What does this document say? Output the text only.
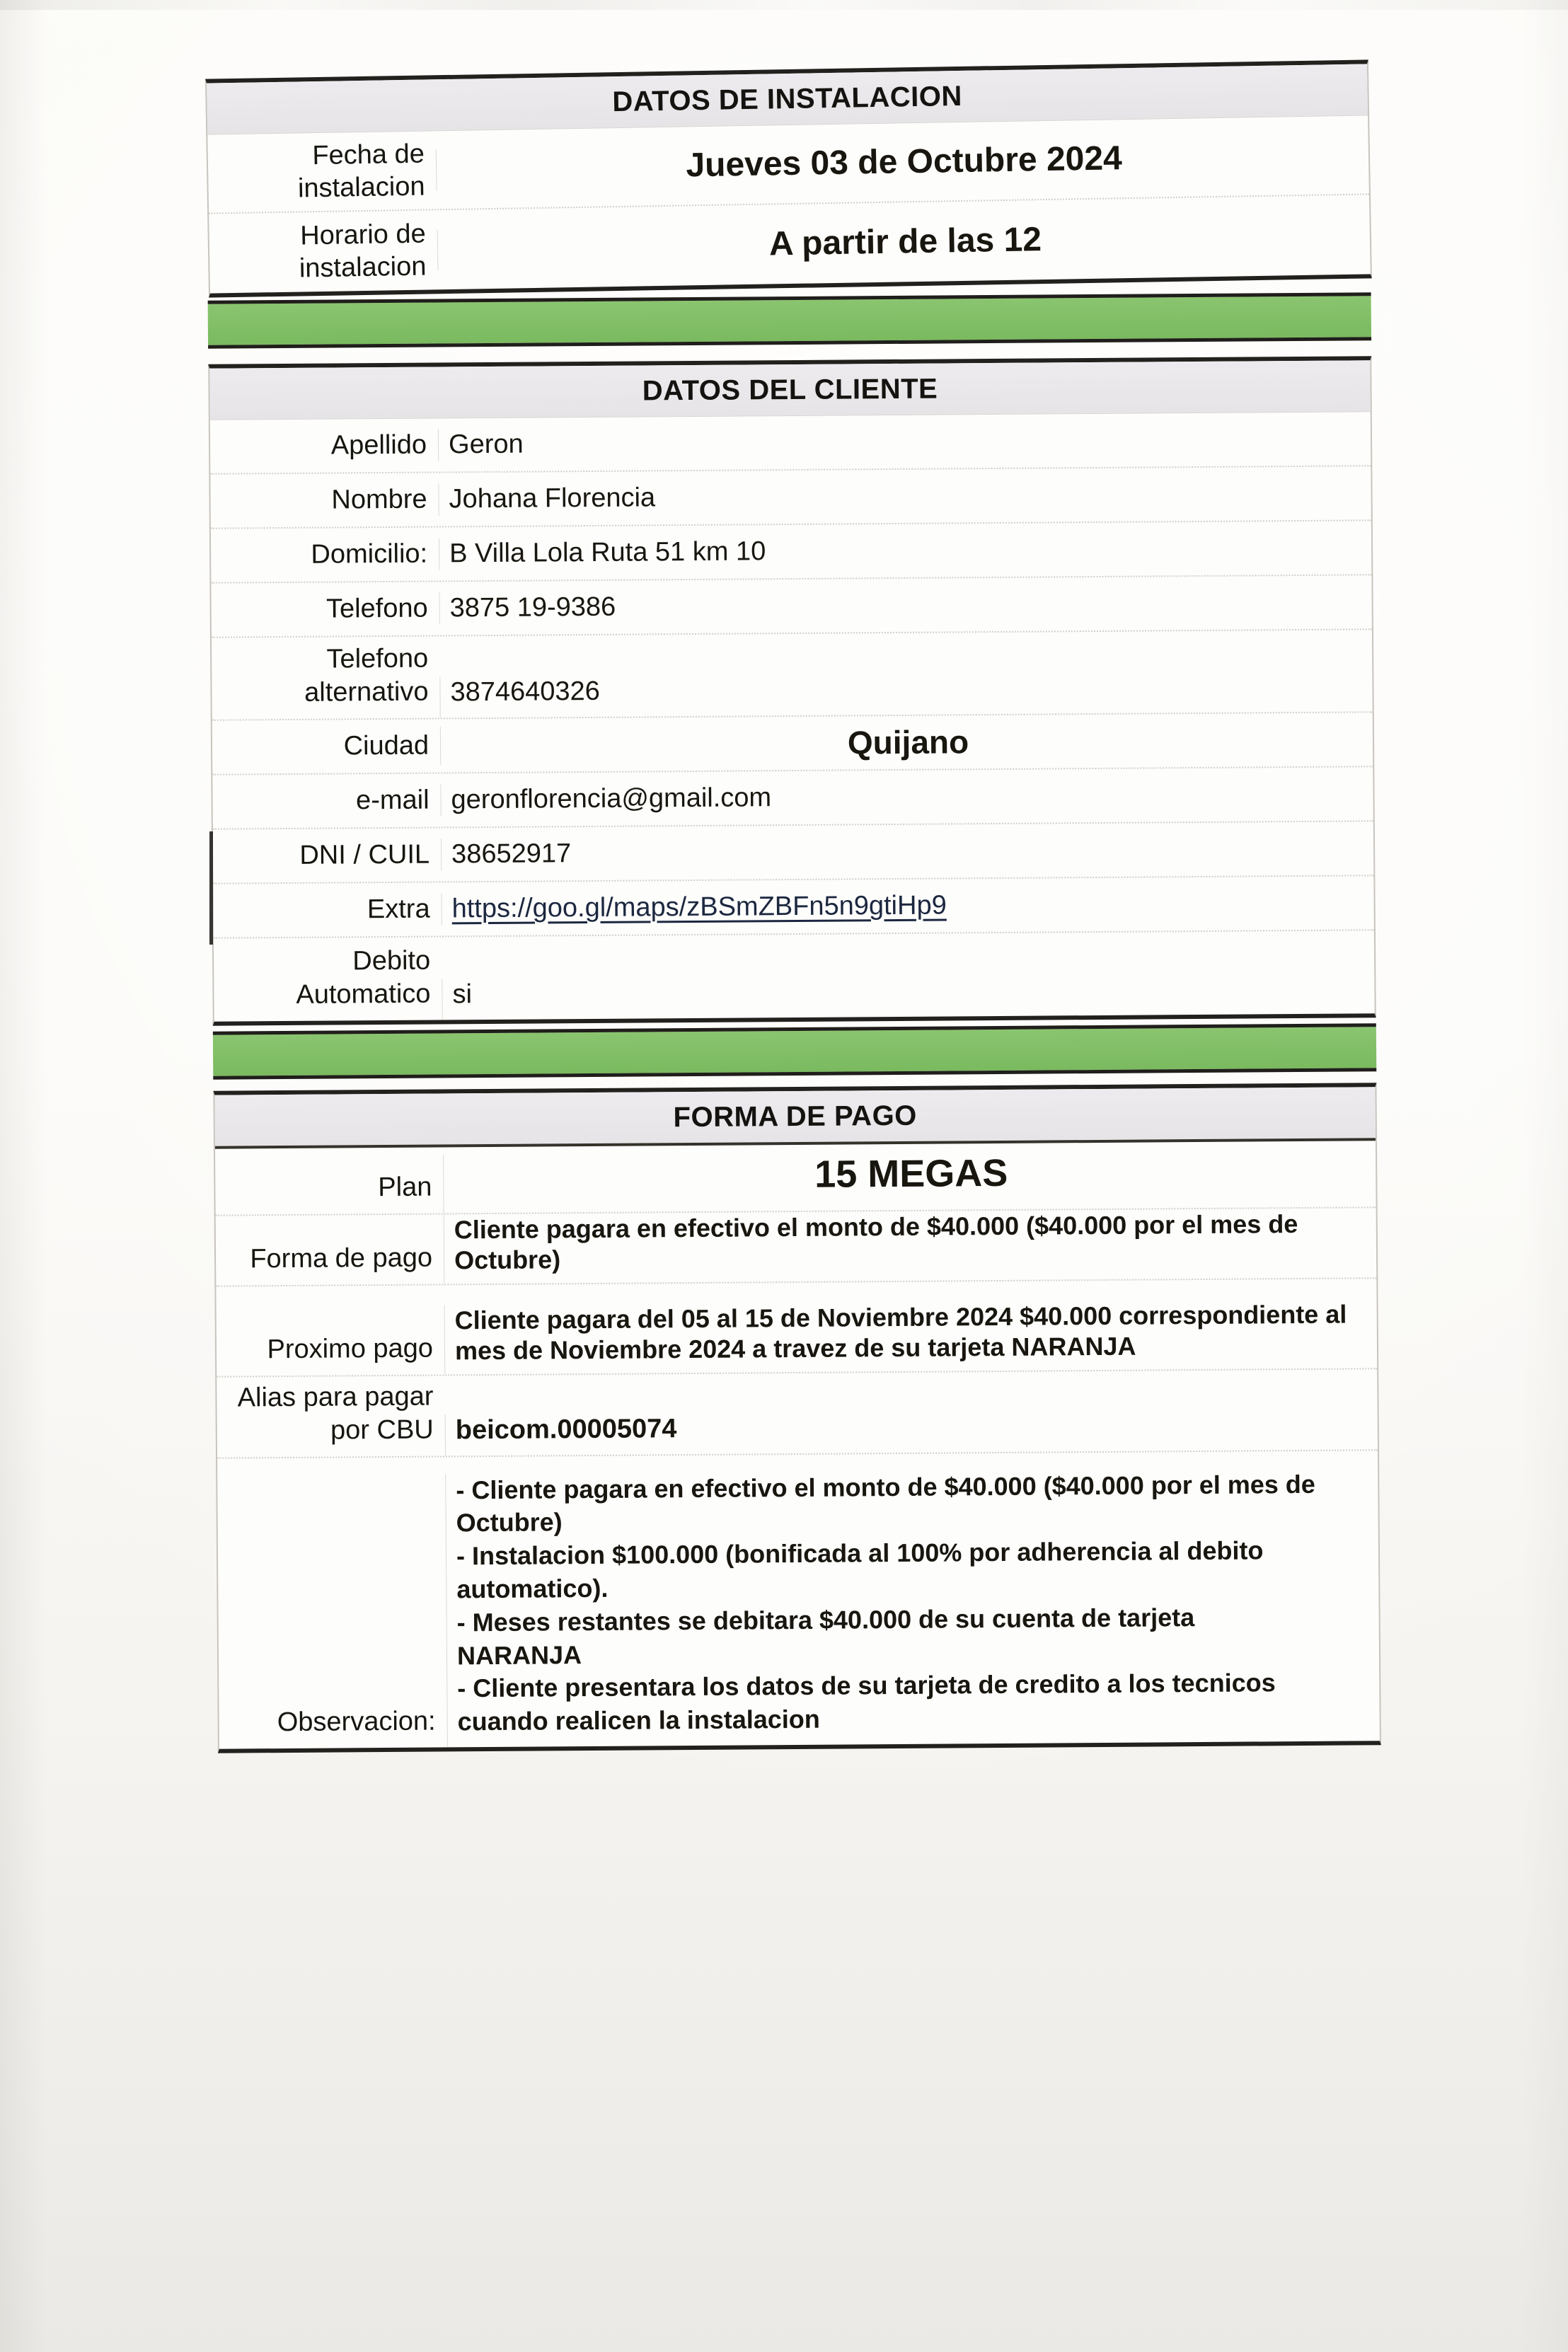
DATOS DE INSTALACION
Fecha de instalacion
Jueves 03 de Octubre 2024
Horario de instalacion
A partir de las 12
DATOS DEL CLIENTE
Apellido Geron
Nombre Johana Florencia
Domicilio: B Villa Lola Ruta 51 km 10
Telefono 3875 19-9386
Telefono alternativo 3874640326
Ciudad	Quijano
e-mail geronflorencia@gmail.com
DNI / CUIL 38652917
Extra https://goo.gl/maps/zBSmZBFn5n9gtiHp9
Debito Automatico si
FORMA DE PAGO
Plan	15 MEGAS
Forma de pago
Cliente pagara en efectivo el monto de $40.000 ($40.000 por el mes de
Octubre)
Proximo pago
Cliente pagara del 05 al 15 de Noviembre 2024 $40.000 correspondiente al
mes de Noviembre 2024 a travez de su tarjeta NARANJA
Alias para pagar por CBU beicom.00005074
Observacion:
- Cliente pagara en efectivo el monto de $40.000 ($40.000 por el mes de
Octubre)
- Instalacion $100.000 (bonificada al 100% por adherencia al debito
automatico).
- Meses restantes se debitara $40.000 de su cuenta de tarjeta
NARANJA
- Cliente presentara los datos de su tarjeta de credito a los tecnicos
cuando realicen la instalacion
